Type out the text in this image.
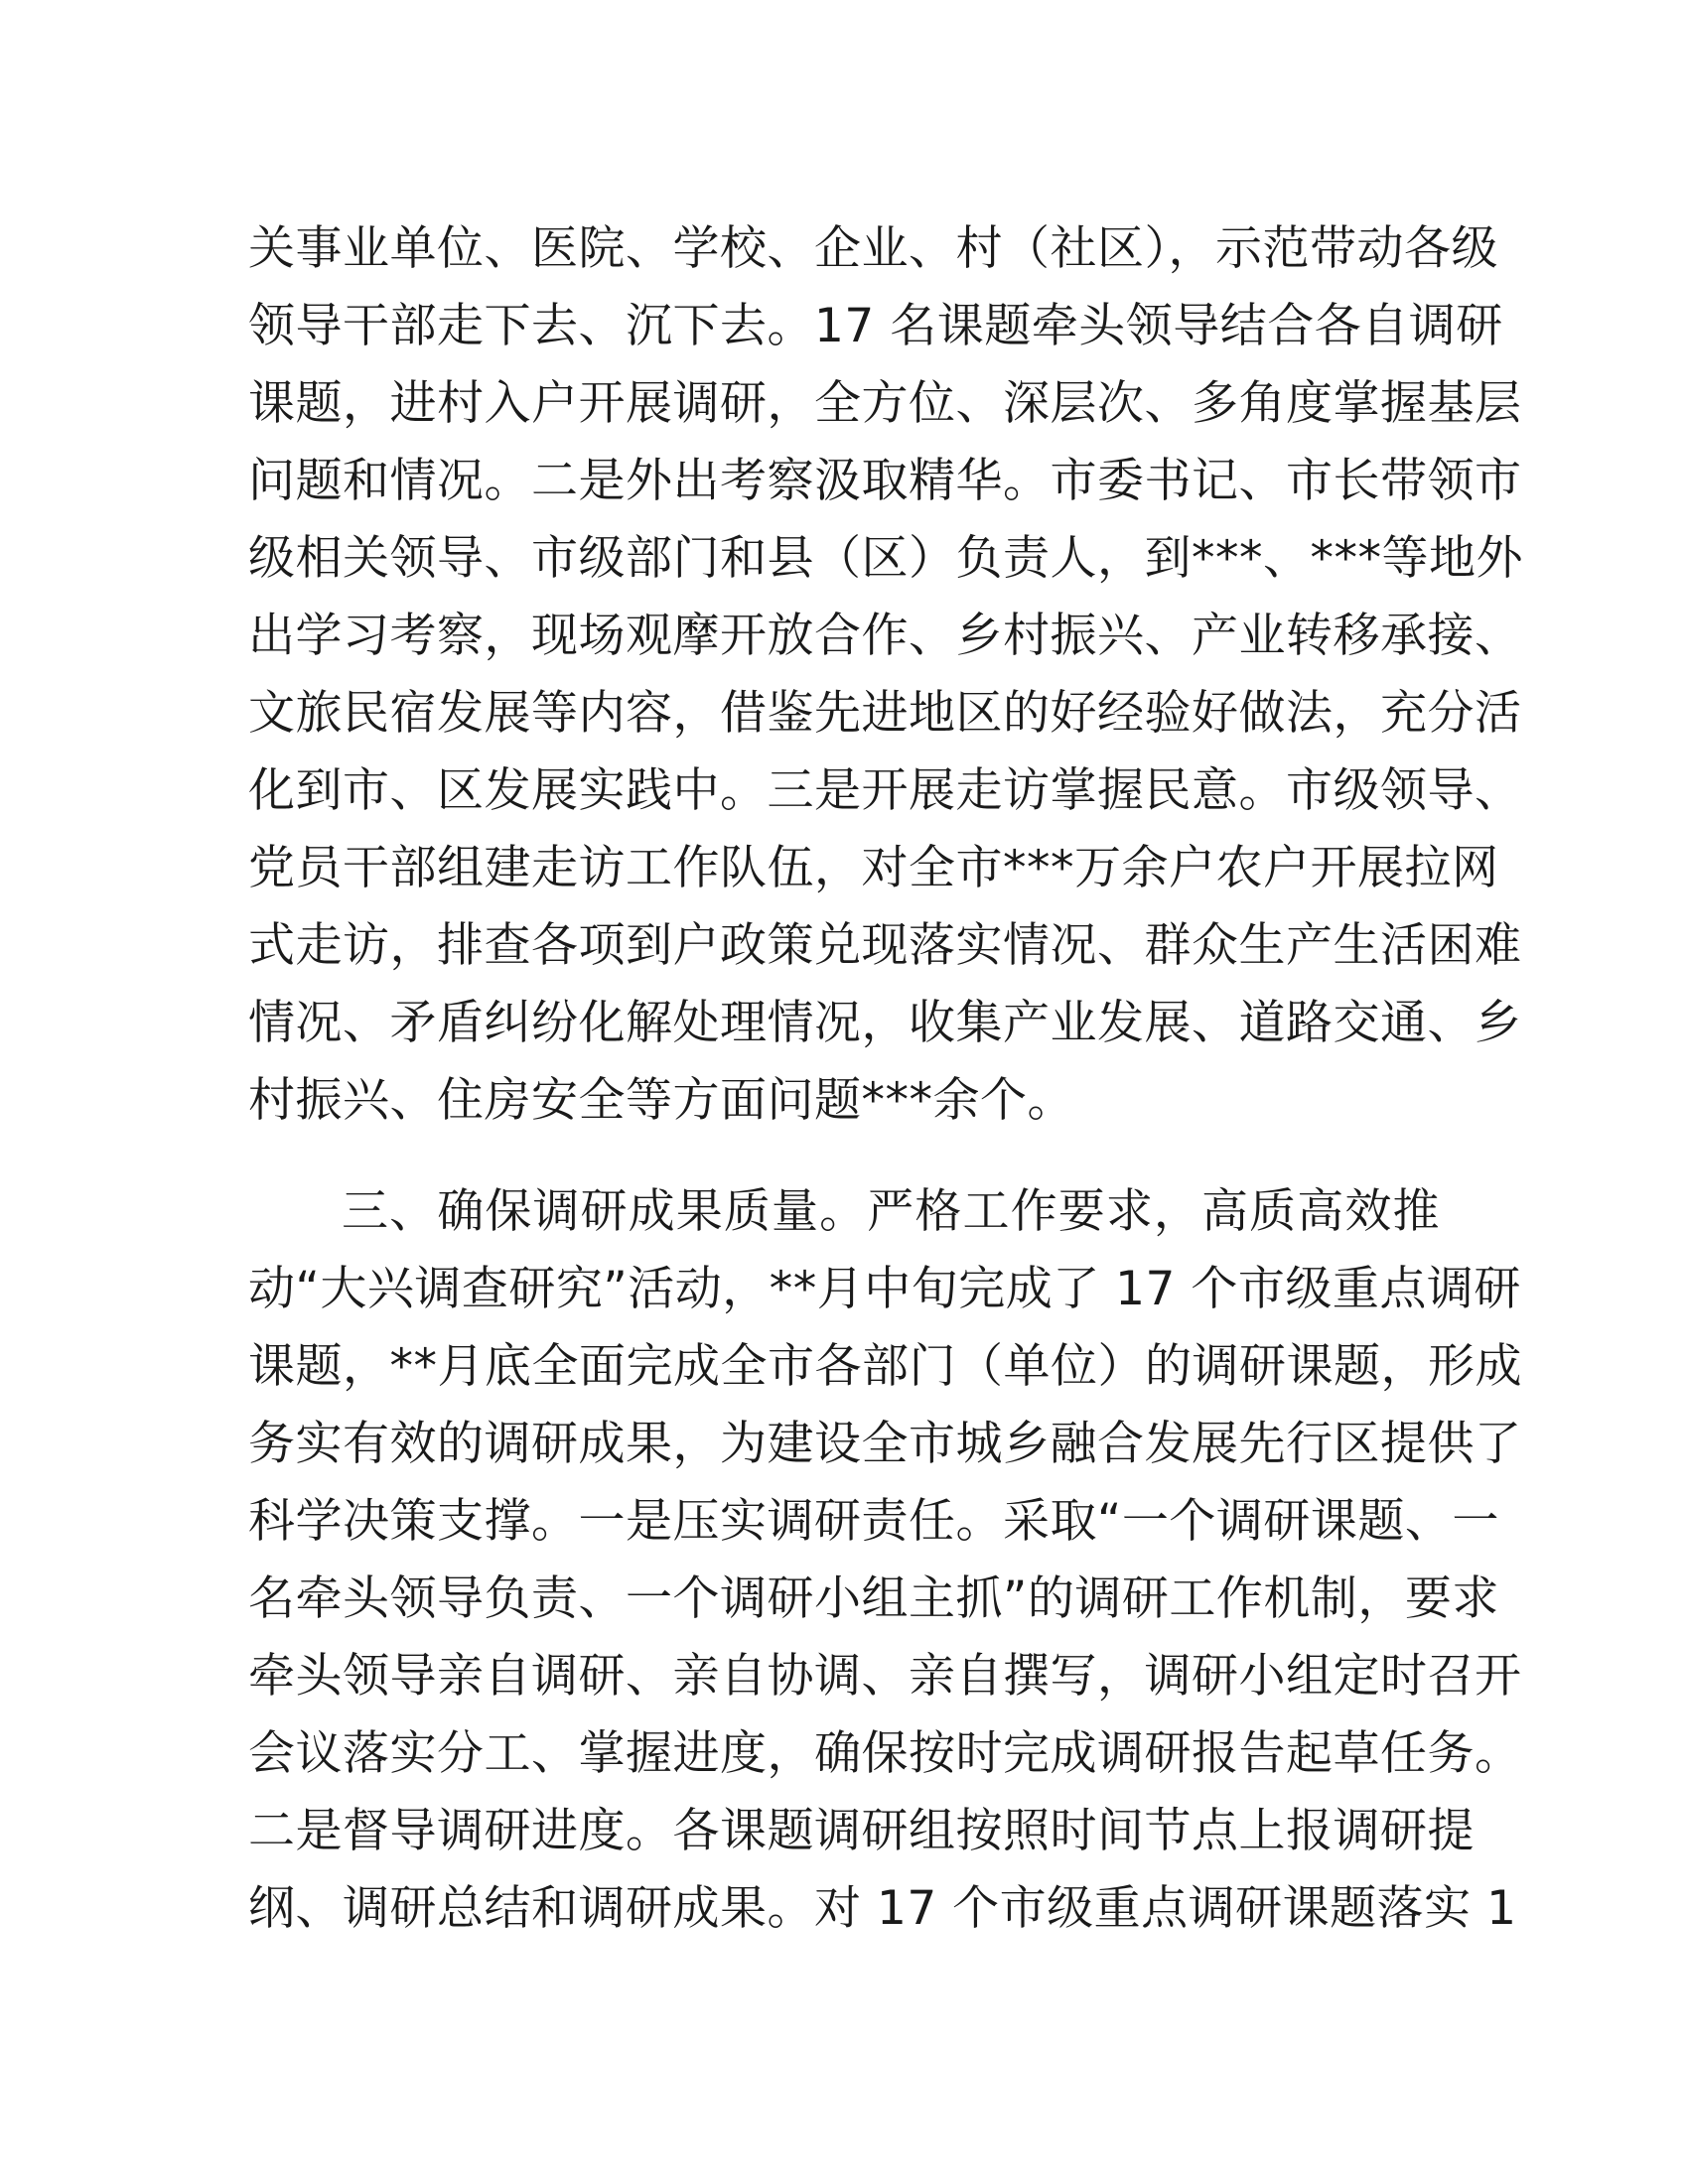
关事业单位、医院、学校、企业、村（社区），示范带动各级
领导干部走下去、沉下去。17 名课题牵头领导结合各自调研
课题，进村入户开展调研，全方位、深层次、多角度掌握基层
问题和情况。二是外出考察汲取精华。市委书记、市长带领市
级相关领导、市级部门和县（区）负责人，到***、***等地外
出学习考察，现场观摩开放合作、乡村振兴、产业转移承接、
文旅民宿发展等内容，借鉴先进地区的好经验好做法，充分活
化到市、区发展实践中。三是开展走访掌握民意。市级领导、
党员干部组建走访工作队伍，对全市***万余户农户开展拉网
式走访，排查各项到户政策兑现落实情况、群众生产生活困难
情况、矛盾纠纷化解处理情况，收集产业发展、道路交通、乡
村振兴、住房安全等方面问题***余个。
三、确保调研成果质量。严格工作要求，高质高效推
动“大兴调查研究”活动，**月中旬完成了 17 个市级重点调研
课题，**月底全面完成全市各部门（单位）的调研课题，形成
务实有效的调研成果，为建设全市城乡融合发展先行区提供了
科学决策支撑。一是压实调研责任。采取“一个调研课题、一
名牵头领导负责、一个调研小组主抓”的调研工作机制，要求
牵头领导亲自调研、亲自协调、亲自撰写，调研小组定时召开
会议落实分工、掌握进度，确保按时完成调研报告起草任务。
二是督导调研进度。各课题调研组按照时间节点上报调研提
纲、调研总结和调研成果。对 17 个市级重点调研课题落实 1
